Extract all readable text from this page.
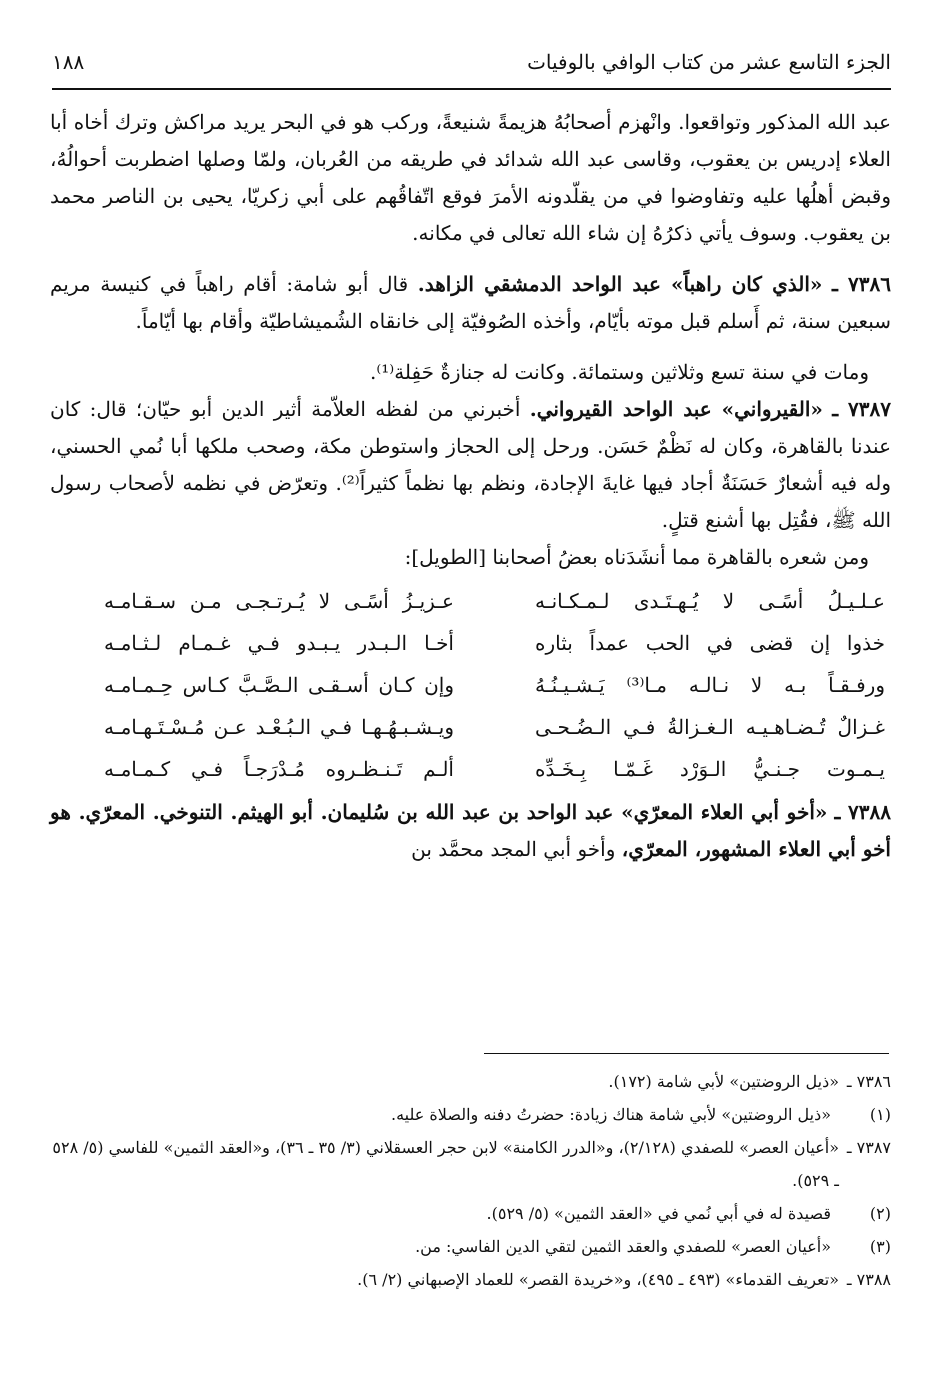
الجزء التاسع عشر من كتاب الوافي بالوفيات
١٨٨

عبد الله المذكور وتواقعوا. وانْهزم أصحابُهُ هزيمةً شنيعةً، وركب هو في البحر يريد مراكش وترك أخاه أبا العلاء إدريس بن يعقوب، وقاسى عبد الله شدائد في طريقه من العُربان، ولمّا وصلها اضطربت أحوالُهُ، وقبض أهلُها عليه وتفاوضوا في من يقلّدونه الأمرَ فوقع اتّفاقُهم على أبي زكريّا، يحيى بن الناصر محمد بن يعقوب. وسوف يأتي ذكرُهُ إن شاء الله تعالى في مكانه.

٧٣٨٦ ـ «الذي كان راهباً» عبد الواحد الدمشقي الزاهد. قال أبو شامة: أقام راهباً في كنيسة مريم سبعين سنة، ثم أَسلم قبل موته بأيّام، وأخذه الصُوفيّة إلى خانقاه الشُميشاطيّة وأقام بها أيّاماً.

ومات في سنة تسع وثلاثين وستمائة. وكانت له جنازةٌ حَفِلة⁽¹⁾.

٧٣٨٧ ـ «القيرواني» عبد الواحد القيرواني. أخبرني من لفظه العلاّمة أثير الدين أبو حيّان؛ قال: كان عندنا بالقاهرة، وكان له نَظْمٌ حَسَن. ورحل إلى الحجاز واستوطن مكة، وصحب ملكها أبا نُمي الحسني، وله فيه أشعارٌ حَسَنَةٌ أجاد فيها غايةَ الإجادة، ونظم بها نظماً كثيراً⁽²⁾. وتعرّض في نظمه لأصحاب رسول الله ﷺ، فقُتِل بها أشنع قتلٍ.

ومن شعره بالقاهرة مما أنشَدَناه بعضُ أصحابنا [الطويل]:

عـلـيـلُ أسًـى لا يُـهـتَـدى لـمـكـانـه
عـزيـزُ أسًـى لا يُـرتـجـى مـن سـقـامـه
خذوا إن قضى في الحب عمداً بثاره
أخـا الـبـدر يـبـدو فـي غـمـام لـثـامـه
ورفـقـاً بـه لا نـالـه مـا⁽³⁾ يَـشـيـنُـهُ
وإن كـان أسـقـى الـصَّـبَّ كـاس حِـمـامـه
غـزالٌ تُـضـاهـيـه الـغـزالةُ فـي الـضُـحـى
ويـشـبـهُـهـا فـي الـبُـعْـد عـن مُـسْـتَـهـامـه
يـمـوت جـنـيُّ الـوَرْد غَـمّـا بِـخَـدِّه
ألـم تَـنـظـروه مُـدْرَجـاً فـي كـمـامـه

٧٣٨٨ ـ «أخو أبي العلاء المعرّي» عبد الواحد بن عبد الله بن سُليمان. أبو الهيثم. التنوخي. المعرّي. هو أخو أبي العلاء المشهور، المعرّي، وأخو أبي المجد محمَّد بن

٧٣٨٦ ـ
«ذيل الروضتين» لأبي شامة (١٧٢).

(١)
«ذيل الروضتين» لأبي شامة هناك زيادة: حضرتُ دفنه والصلاة عليه.

٧٣٨٧ ـ
«أعيان العصر» للصفدي (٢/١٢٨)، و«الدرر الكامنة» لابن حجر العسقلاني (٣/ ٣٥ ـ ٣٦)، و«العقد الثمين» للفاسي (٥/ ٥٢٨ ـ ٥٢٩).

(٢)
قصيدة له في أبي نُمي في «العقد الثمين» (٥/ ٥٢٩).

(٣)
«أعيان العصر» للصفدي والعقد الثمين لتقي الدين الفاسي: من.

٧٣٨٨ ـ
«تعريف القدماء» (٤٩٣ ـ ٤٩٥)، و«خريدة القصر» للعماد الإصبهاني (٢/ ٦).
